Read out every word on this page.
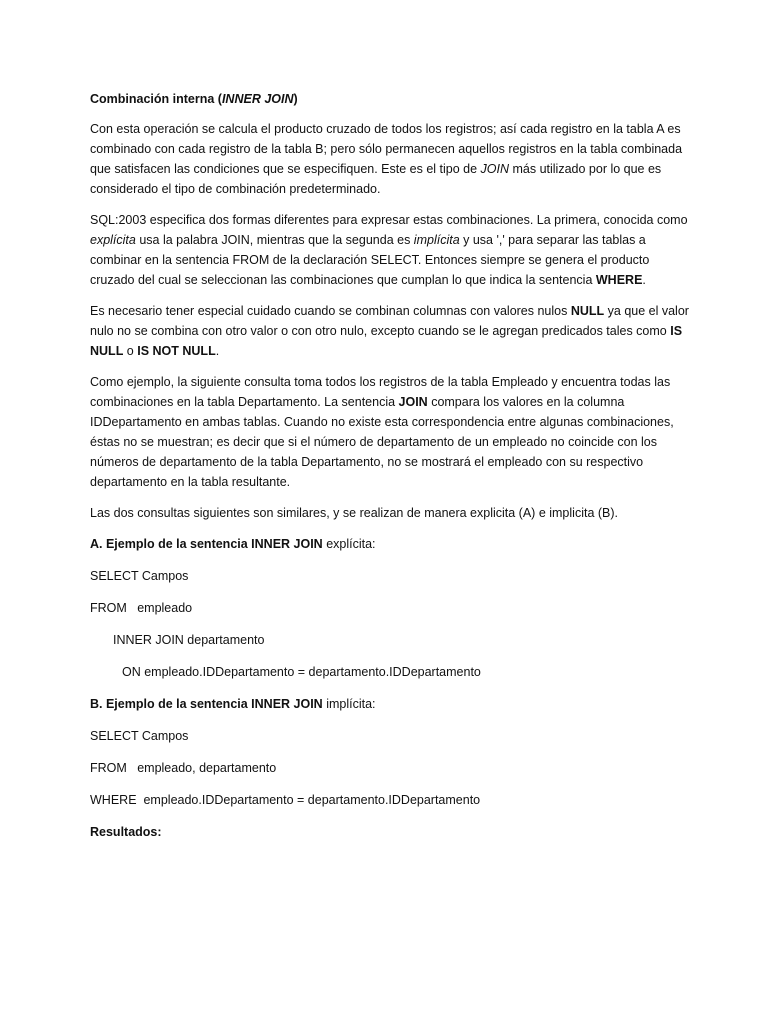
Combinación interna (INNER JOIN)

Con esta operación se calcula el producto cruzado de todos los registros; así cada registro en la tabla A es combinado con cada registro de la tabla B; pero sólo permanecen aquellos registros en la tabla combinada que satisfacen las condiciones que se especifiquen. Este es el tipo de JOIN más utilizado por lo que es considerado el tipo de combinación predeterminado.

SQL:2003 especifica dos formas diferentes para expresar estas combinaciones. La primera, conocida como explícita usa la palabra JOIN, mientras que la segunda es implícita y usa ',' para separar las tablas a combinar en la sentencia FROM de la declaración SELECT. Entonces siempre se genera el producto cruzado del cual se seleccionan las combinaciones que cumplan lo que indica la sentencia WHERE.

Es necesario tener especial cuidado cuando se combinan columnas con valores nulos NULL ya que el valor nulo no se combina con otro valor o con otro nulo, excepto cuando se le agregan predicados tales como IS NULL o IS NOT NULL.

Como ejemplo, la siguiente consulta toma todos los registros de la tabla Empleado y encuentra todas las combinaciones en la tabla Departamento. La sentencia JOIN compara los valores en la columna IDDepartamento en ambas tablas. Cuando no existe esta correspondencia entre algunas combinaciones, éstas no se muestran; es decir que si el número de departamento de un empleado no coincide con los números de departamento de la tabla Departamento, no se mostrará el empleado con su respectivo departamento en la tabla resultante.

Las dos consultas siguientes son similares, y se realizan de manera explicita (A) e implicita (B).

A. Ejemplo de la sentencia INNER JOIN explícita:

SELECT Campos

FROM   empleado

INNER JOIN departamento

ON empleado.IDDepartamento = departamento.IDDepartamento

B. Ejemplo de la sentencia INNER JOIN implícita:

SELECT Campos

FROM   empleado, departamento

WHERE  empleado.IDDepartamento = departamento.IDDepartamento

Resultados:
